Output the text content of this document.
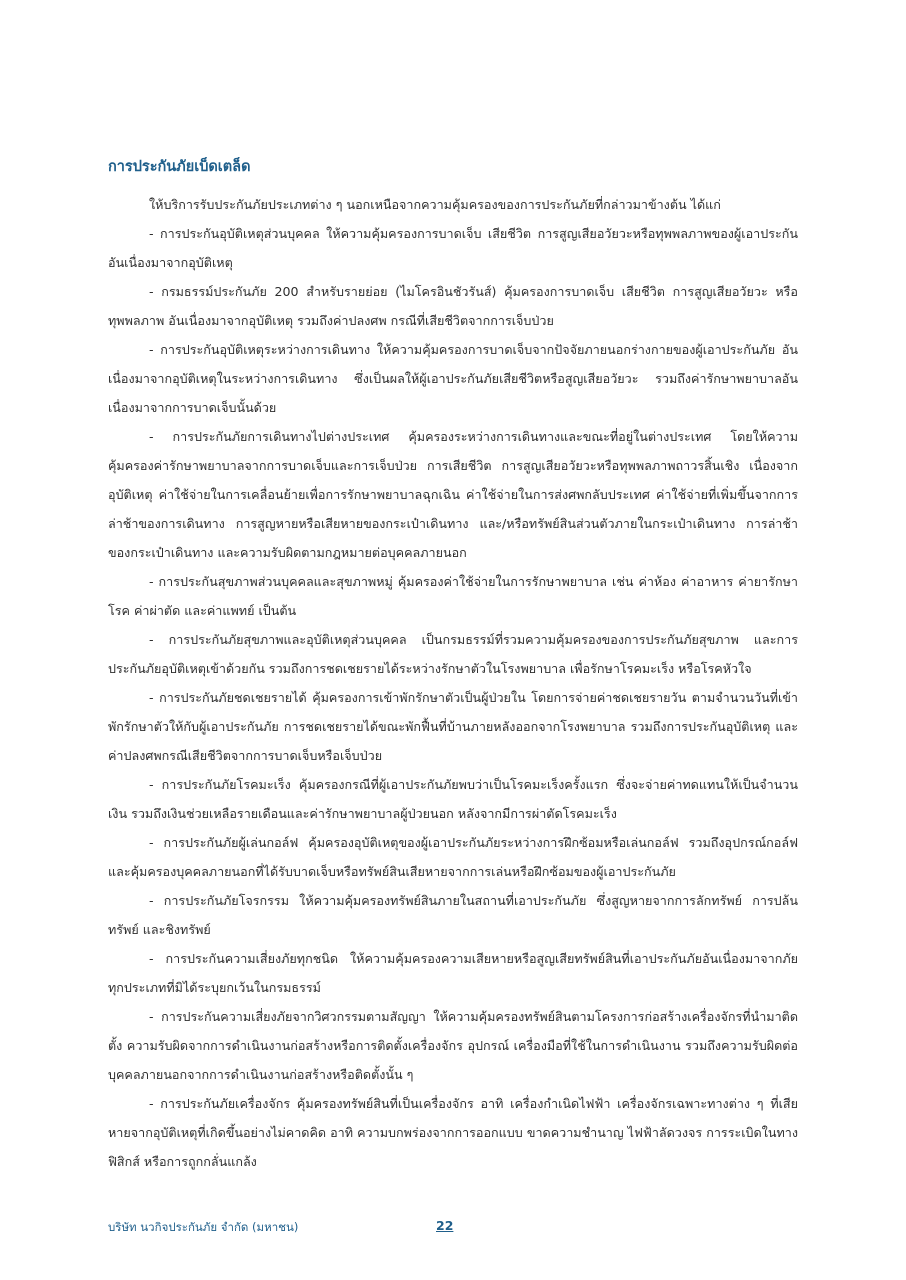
การประกันภัยเบ็ดเตล็ด

ให้บริการรับประกันภัยประเภทต่าง ๆ นอกเหนือจากความคุ้มครองของการประกันภัยที่กล่าวมาข้างต้น ได้แก่

- การประกันอุบัติเหตุส่วนบุคคล ให้ความคุ้มครองการบาดเจ็บ เสียชีวิต การสูญเสียอวัยวะหรือทุพพลภาพของผู้เอาประกันอันเนื่องมาจากอุบัติเหตุ

- กรมธรรม์ประกันภัย 200 สำหรับรายย่อย (ไมโครอินชัวรันส์) คุ้มครองการบาดเจ็บ เสียชีวิต การสูญเสียอวัยวะ หรือทุพพลภาพ อันเนื่องมาจากอุบัติเหตุ รวมถึงค่าปลงศพ กรณีที่เสียชีวิตจากการเจ็บป่วย

- การประกันอุบัติเหตุระหว่างการเดินทาง ให้ความคุ้มครองการบาดเจ็บจากปัจจัยภายนอกร่างกายของผู้เอาประกันภัย อันเนื่องมาจากอุบัติเหตุในระหว่างการเดินทาง ซึ่งเป็นผลให้ผู้เอาประกันภัยเสียชีวิตหรือสูญเสียอวัยวะ รวมถึงค่ารักษาพยาบาลอันเนื่องมาจากการบาดเจ็บนั้นด้วย

- การประกันภัยการเดินทางไปต่างประเทศ คุ้มครองระหว่างการเดินทางและขณะที่อยู่ในต่างประเทศ โดยให้ความคุ้มครองค่ารักษาพยาบาลจากการบาดเจ็บและการเจ็บป่วย การเสียชีวิต การสูญเสียอวัยวะหรือทุพพลภาพถาวรสิ้นเชิง เนื่องจากอุบัติเหตุ ค่าใช้จ่ายในการเคลื่อนย้ายเพื่อการรักษาพยาบาลฉุกเฉิน ค่าใช้จ่ายในการส่งศพกลับประเทศ ค่าใช้จ่ายที่เพิ่มขึ้นจากการล่าช้าของการเดินทาง การสูญหายหรือเสียหายของกระเป๋าเดินทาง และ/หรือทรัพย์สินส่วนตัวภายในกระเป๋าเดินทาง การล่าช้าของกระเป๋าเดินทาง และความรับผิดตามกฎหมายต่อบุคคลภายนอก

- การประกันสุขภาพส่วนบุคคลและสุขภาพหมู่ คุ้มครองค่าใช้จ่ายในการรักษาพยาบาล เช่น ค่าห้อง ค่าอาหาร ค่ายารักษาโรค ค่าผ่าตัด และค่าแพทย์ เป็นต้น

- การประกันภัยสุขภาพและอุบัติเหตุส่วนบุคคล เป็นกรมธรรม์ที่รวมความคุ้มครองของการประกันภัยสุขภาพ และการประกันภัยอุบัติเหตุเข้าด้วยกัน รวมถึงการชดเชยรายได้ระหว่างรักษาตัวในโรงพยาบาล เพื่อรักษาโรคมะเร็ง หรือโรคหัวใจ

- การประกันภัยชดเชยรายได้ คุ้มครองการเข้าพักรักษาตัวเป็นผู้ป่วยใน โดยการจ่ายค่าชดเชยรายวัน ตามจำนวนวันที่เข้าพักรักษาตัวให้กับผู้เอาประกันภัย การชดเชยรายได้ขณะพักฟื้นที่บ้านภายหลังออกจากโรงพยาบาล รวมถึงการประกันอุบัติเหตุ และค่าปลงศพกรณีเสียชีวิตจากการบาดเจ็บหรือเจ็บป่วย

- การประกันภัยโรคมะเร็ง คุ้มครองกรณีที่ผู้เอาประกันภัยพบว่าเป็นโรคมะเร็งครั้งแรก ซึ่งจะจ่ายค่าทดแทนให้เป็นจำนวนเงิน รวมถึงเงินช่วยเหลือรายเดือนและค่ารักษาพยาบาลผู้ป่วยนอก หลังจากมีการผ่าตัดโรคมะเร็ง

- การประกันภัยผู้เล่นกอล์ฟ คุ้มครองอุบัติเหตุของผู้เอาประกันภัยระหว่างการฝึกซ้อมหรือเล่นกอล์ฟ รวมถึงอุปกรณ์กอล์ฟ และคุ้มครองบุคคลภายนอกที่ได้รับบาดเจ็บหรือทรัพย์สินเสียหายจากการเล่นหรือฝึกซ้อมของผู้เอาประกันภัย

- การประกันภัยโจรกรรม ให้ความคุ้มครองทรัพย์สินภายในสถานที่เอาประกันภัย ซึ่งสูญหายจากการลักทรัพย์ การปล้นทรัพย์ และชิงทรัพย์

- การประกันความเสี่ยงภัยทุกชนิด ให้ความคุ้มครองความเสียหายหรือสูญเสียทรัพย์สินที่เอาประกันภัยอันเนื่องมาจากภัยทุกประเภทที่มิได้ระบุยกเว้นในกรมธรรม์

- การประกันความเสี่ยงภัยจากวิศวกรรมตามสัญญา ให้ความคุ้มครองทรัพย์สินตามโครงการก่อสร้างเครื่องจักรที่นำมาติดตั้ง ความรับผิดจากการดำเนินงานก่อสร้างหรือการติดตั้งเครื่องจักร อุปกรณ์ เครื่องมือที่ใช้ในการดำเนินงาน รวมถึงความรับผิดต่อบุคคลภายนอกจากการดำเนินงานก่อสร้างหรือติดตั้งนั้น ๆ

- การประกันภัยเครื่องจักร คุ้มครองทรัพย์สินที่เป็นเครื่องจักร อาทิ เครื่องกำเนิดไฟฟ้า เครื่องจักรเฉพาะทางต่าง ๆ ที่เสียหายจากอุบัติเหตุที่เกิดขึ้นอย่างไม่คาดคิด อาทิ ความบกพร่องจากการออกแบบ ขาดความชำนาญ ไฟฟ้าลัดวงจร การระเบิดในทางฟิสิกส์ หรือการถูกกลั่นแกล้ง

บริษัท นวกิจประกันภัย จำกัด (มหาชน)	22
